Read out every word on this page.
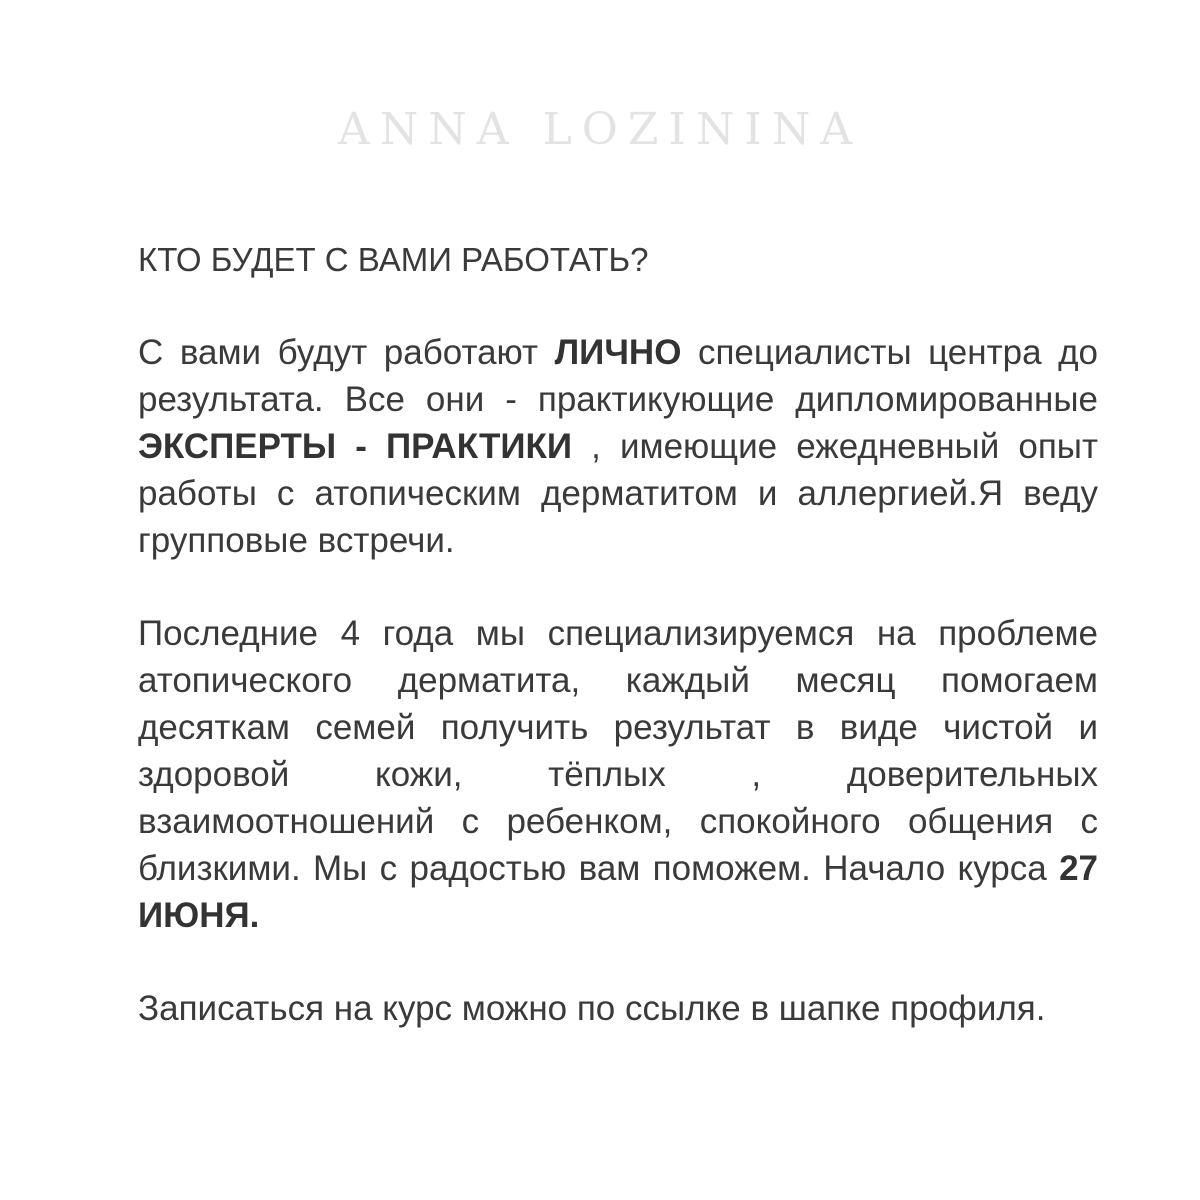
ANNA LOZININA
КТО БУДЕТ С ВАМИ РАБОТАТЬ?
С вами будут работают ЛИЧНО специалисты центра до результата. Все они - практикующие дипломированные ЭКСПЕРТЫ - ПРАКТИКИ , имеющие ежедневный опыт работы с атопическим дерматитом и аллергией.Я веду групповые встречи.
Последние 4 года мы специализируемся на проблеме атопического дерматита, каждый месяц помогаем десяткам семей получить результат в виде чистой и здоровой кожи, тёплых , доверительных взаимоотношений с ребенком, спокойного общения с близкими. Мы с радостью вам поможем. Начало курса 27 ИЮНЯ.
Записаться на курс можно по ссылке в шапке профиля.
